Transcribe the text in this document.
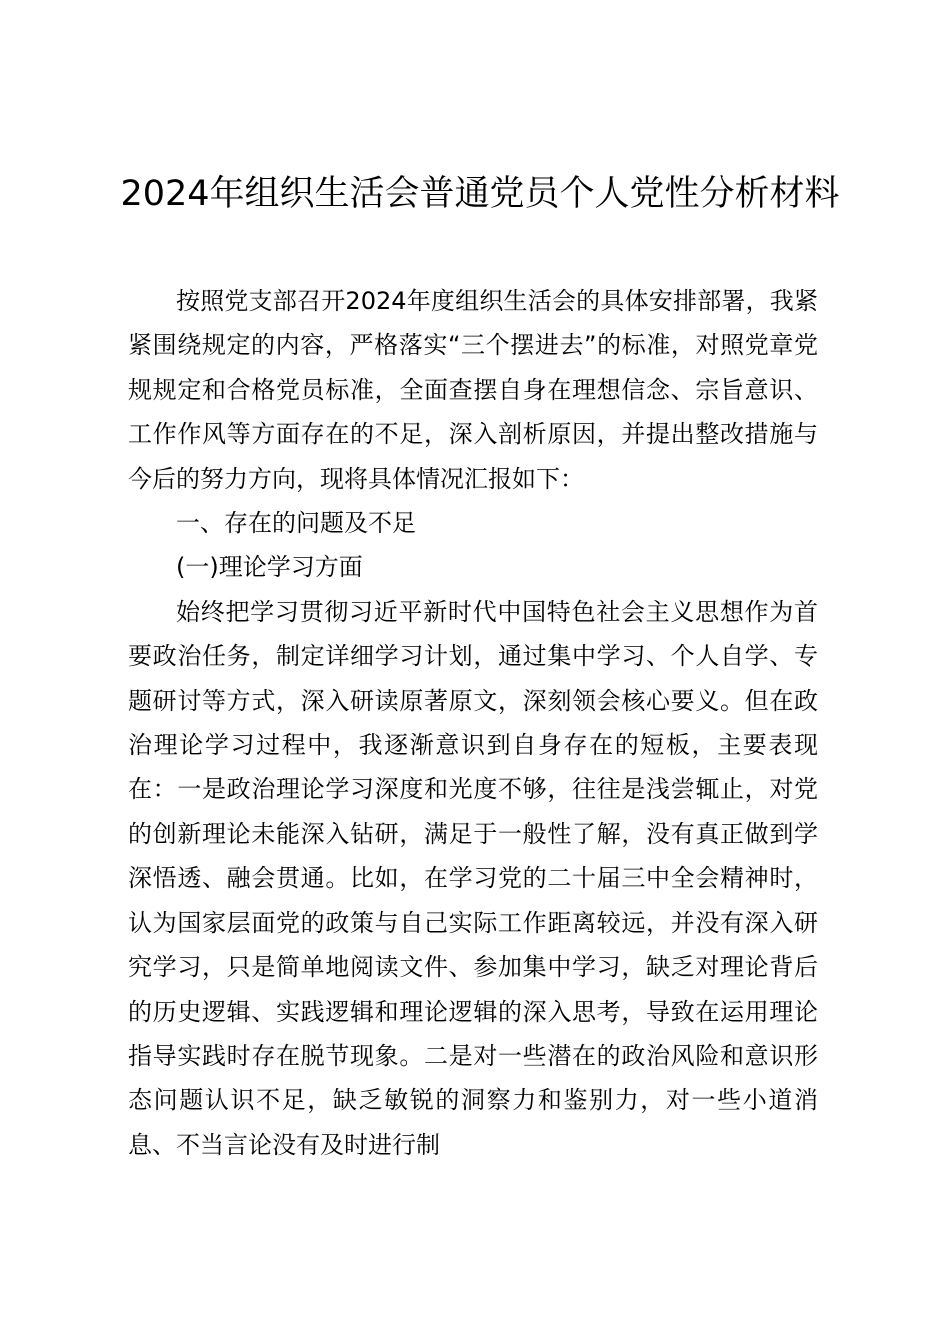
2024年组织生活会普通党员个人党性分析材料

按照党支部召开2024年度组织生活会的具体安排部署，我紧紧围绕规定的内容，严格落实“三个摆进去”的标准，对照党章党规规定和合格党员标准，全面查摆自身在理想信念、宗旨意识、工作作风等方面存在的不足，深入剖析原因，并提出整改措施与今后的努力方向，现将具体情况汇报如下：

一、存在的问题及不足

(一)理论学习方面

始终把学习贯彻习近平新时代中国特色社会主义思想作为首要政治任务，制定详细学习计划，通过集中学习、个人自学、专题研讨等方式，深入研读原著原文，深刻领会核心要义。但在政治理论学习过程中，我逐渐意识到自身存在的短板，主要表现在：一是政治理论学习深度和光度不够，往往是浅尝辄止，对党的创新理论未能深入钻研，满足于一般性了解，没有真正做到学深悟透、融会贯通。比如，在学习党的二十届三中全会精神时，认为国家层面党的政策与自己实际工作距离较远，并没有深入研究学习，只是简单地阅读文件、参加集中学习，缺乏对理论背后的历史逻辑、实践逻辑和理论逻辑的深入思考，导致在运用理论指导实践时存在脱节现象。二是对一些潜在的政治风险和意识形态问题认识不足，缺乏敏锐的洞察力和鉴别力，对一些小道消息、不当言论没有及时进行制
